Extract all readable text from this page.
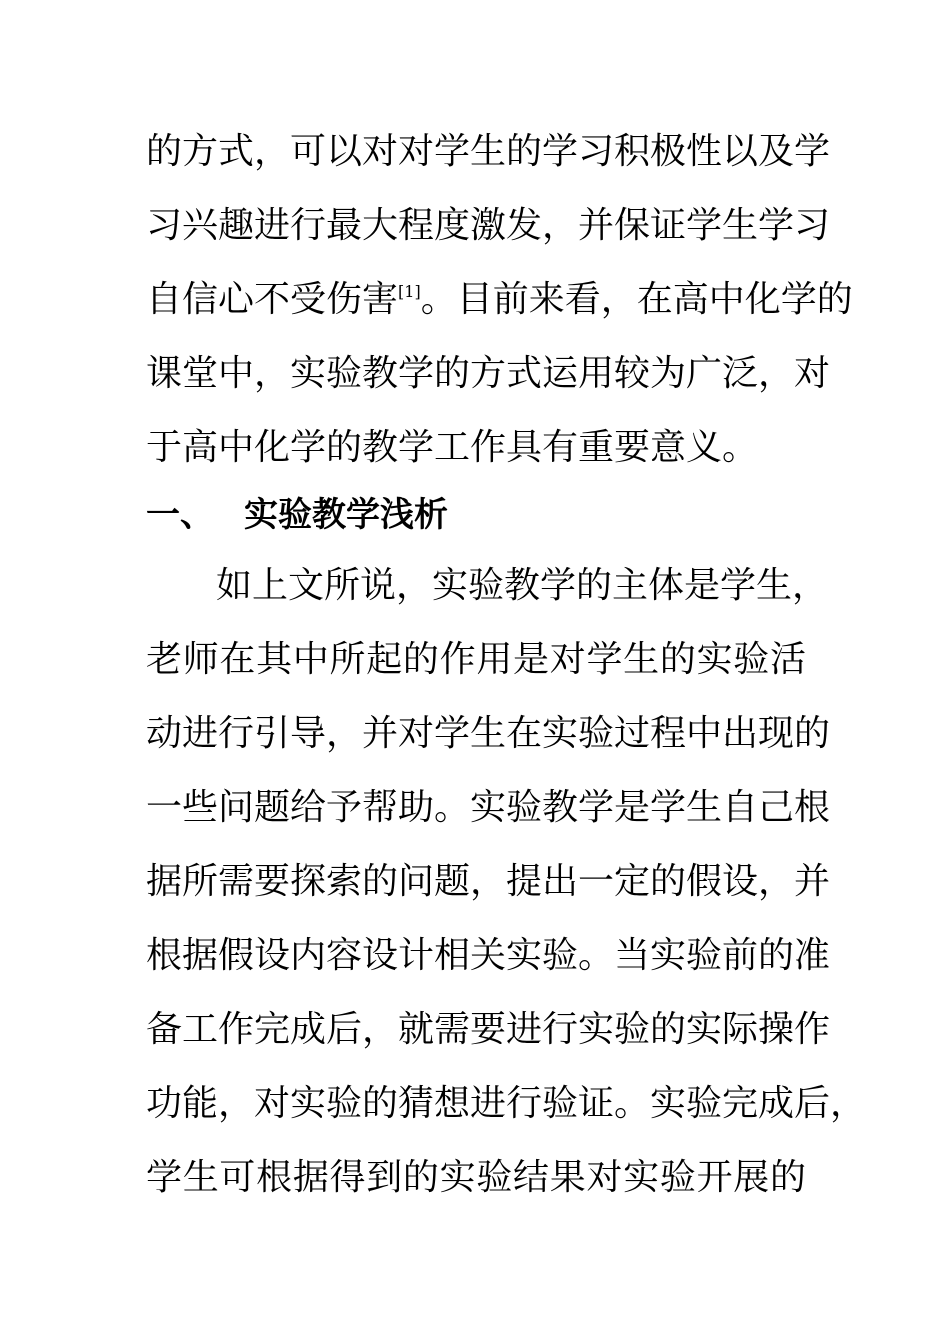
的方式，可以对对学生的学习积极性以及学
习兴趣进行最大程度激发，并保证学生学习
自信心不受伤害[1]。目前来看，在高中化学的
课堂中，实验教学的方式运用较为广泛，对
于高中化学的教学工作具有重要意义。
一、 实验教学浅析
如上文所说，实验教学的主体是学生，
老师在其中所起的作用是对学生的实验活
动进行引导，并对学生在实验过程中出现的
一些问题给予帮助。实验教学是学生自己根
据所需要探索的问题，提出一定的假设，并
根据假设内容设计相关实验。当实验前的准
备工作完成后，就需要进行实验的实际操作
功能，对实验的猜想进行验证。实验完成后，
学生可根据得到的实验结果对实验开展的
